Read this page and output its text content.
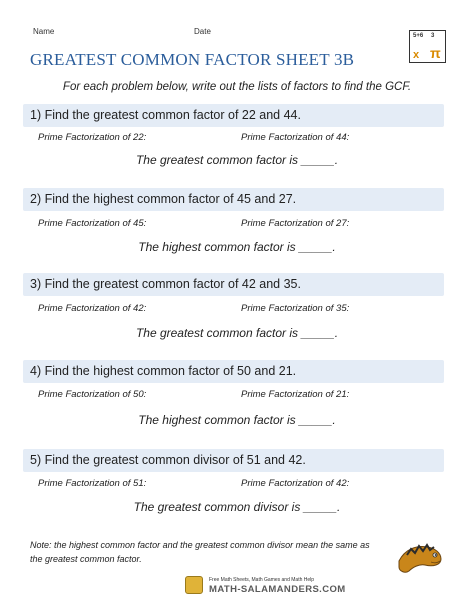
Name	Date	5+6 3
x π
GREATEST COMMON FACTOR SHEET 3B
For each problem below, write out the lists of factors to find the GCF.
1) Find the greatest common factor of 22 and 44.
Prime Factorization of 22:	Prime Factorization of 44:
The greatest common factor is _____.
2) Find the highest common factor of 45 and 27.
Prime Factorization of 45:	Prime Factorization of 27:
The highest common factor is _____.
3) Find the greatest common factor of 42 and 35.
Prime Factorization of 42:	Prime Factorization of 35:
The greatest common factor is _____.
4) Find the highest common factor of 50 and 21.
Prime Factorization of 50:	Prime Factorization of 21:
The highest common factor is _____.
5) Find the greatest common divisor of 51 and 42.
Prime Factorization of 51:	Prime Factorization of 42:
The greatest common divisor is _____.
Note: the highest common factor and the greatest common divisor mean the same as the greatest common factor.
Free Math Sheets, Math Games and Math Help
MATH-SALAMANDERS.COM
